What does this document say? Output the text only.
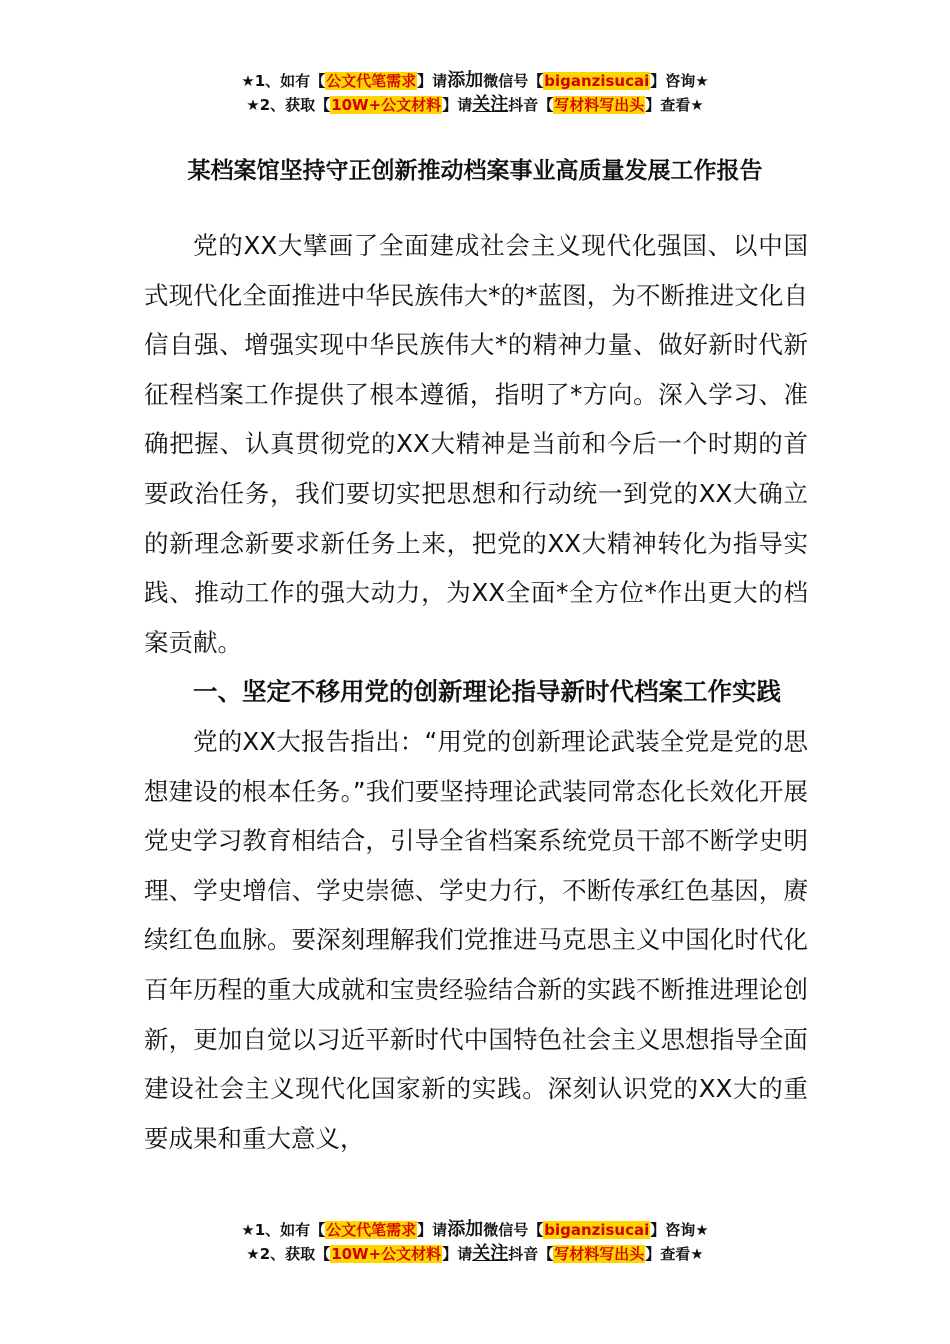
★1、如有【公文代笔需求】请添加微信号【biganzisucai】咨询★
★2、获取【10W+公文材料】请关注抖音【写材料写出头】查看★
某档案馆坚持守正创新推动档案事业高质量发展工作报告

党的XX大擘画了全面建成社会主义现代化强国、以中国式现代化全面推进中华民族伟大*的*蓝图，为不断推进文化自信自强、增强实现中华民族伟大*的精神力量、做好新时代新征程档案工作提供了根本遵循，指明了*方向。深入学习、准确把握、认真贯彻党的XX大精神是当前和今后一个时期的首要政治任务，我们要切实把思想和行动统一到党的XX大确立的新理念新要求新任务上来，把党的XX大精神转化为指导实践、推动工作的强大动力，为XX全面*全方位*作出更大的档案贡献。

一、坚定不移用党的创新理论指导新时代档案工作实践

党的XX大报告指出：“用党的创新理论武装全党是党的思想建设的根本任务。”我们要坚持理论武装同常态化长效化开展党史学习教育相结合，引导全省档案系统党员干部不断学史明理、学史增信、学史崇德、学史力行，不断传承红色基因，赓续红色血脉。要深刻理解我们党推进马克思主义中国化时代化百年历程的重大成就和宝贵经验结合新的实践不断推进理论创新，更加自觉以习近平新时代中国特色社会主义思想指导全面建设社会主义现代化国家新的实践。深刻认识党的XX大的重要成果和重大意义，

★1、如有【公文代笔需求】请添加微信号【biganzisucai】咨询★
★2、获取【10W+公文材料】请关注抖音【写材料写出头】查看★
